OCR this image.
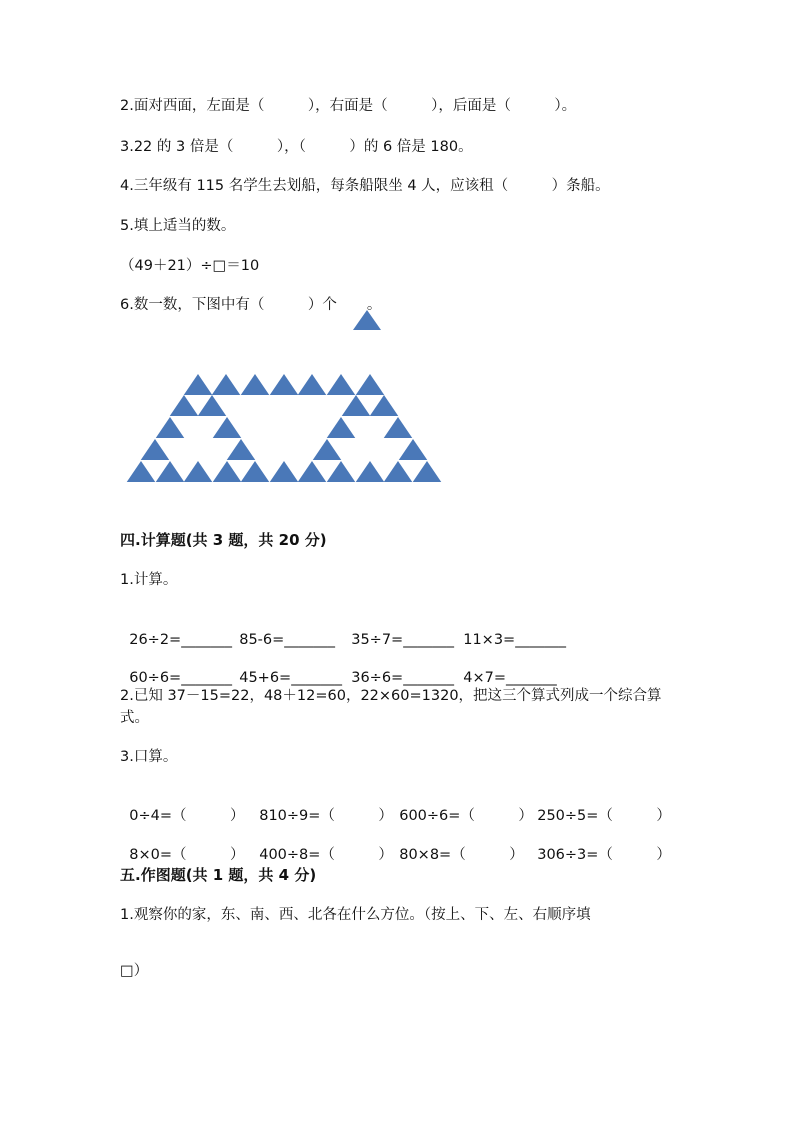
2.面对西面，左面是（　　　），右面是（　　　），后面是（　　　）。
3.22 的 3 倍是（　　　），（　　　）的 6 倍是 180。
4.三年级有 115 名学生去划船，每条船限坐 4 人，应该租（　　　）条船。
5.填上适当的数。
（49＋21）÷□＝10
6.数一数，下图中有（　　　）个 。
四.计算题(共 3 题，共 20 分)
1.计算。

26÷2=_______ 85-6=_______ 35÷7=_______ 11×3=_______

60÷6=_______ 45+6=_______ 36÷6=_______ 4×7=_______

2.已知 37－15=22，48＋12=60，22×60=1320，把这三个算式列成一个综合算
式。
3.口算。

0÷4=（　　　） 810÷9=（　　　） 600÷6=（　　　） 250÷5=（　　　）

8×0=（　　　） 400÷8=（　　　） 80×8=（　　　） 306÷3=（　　　）

五.作图题(共 1 题，共 4 分)
1.观察你的家，东、南、西、北各在什么方位。（按上、下、左、右顺序填
□）
